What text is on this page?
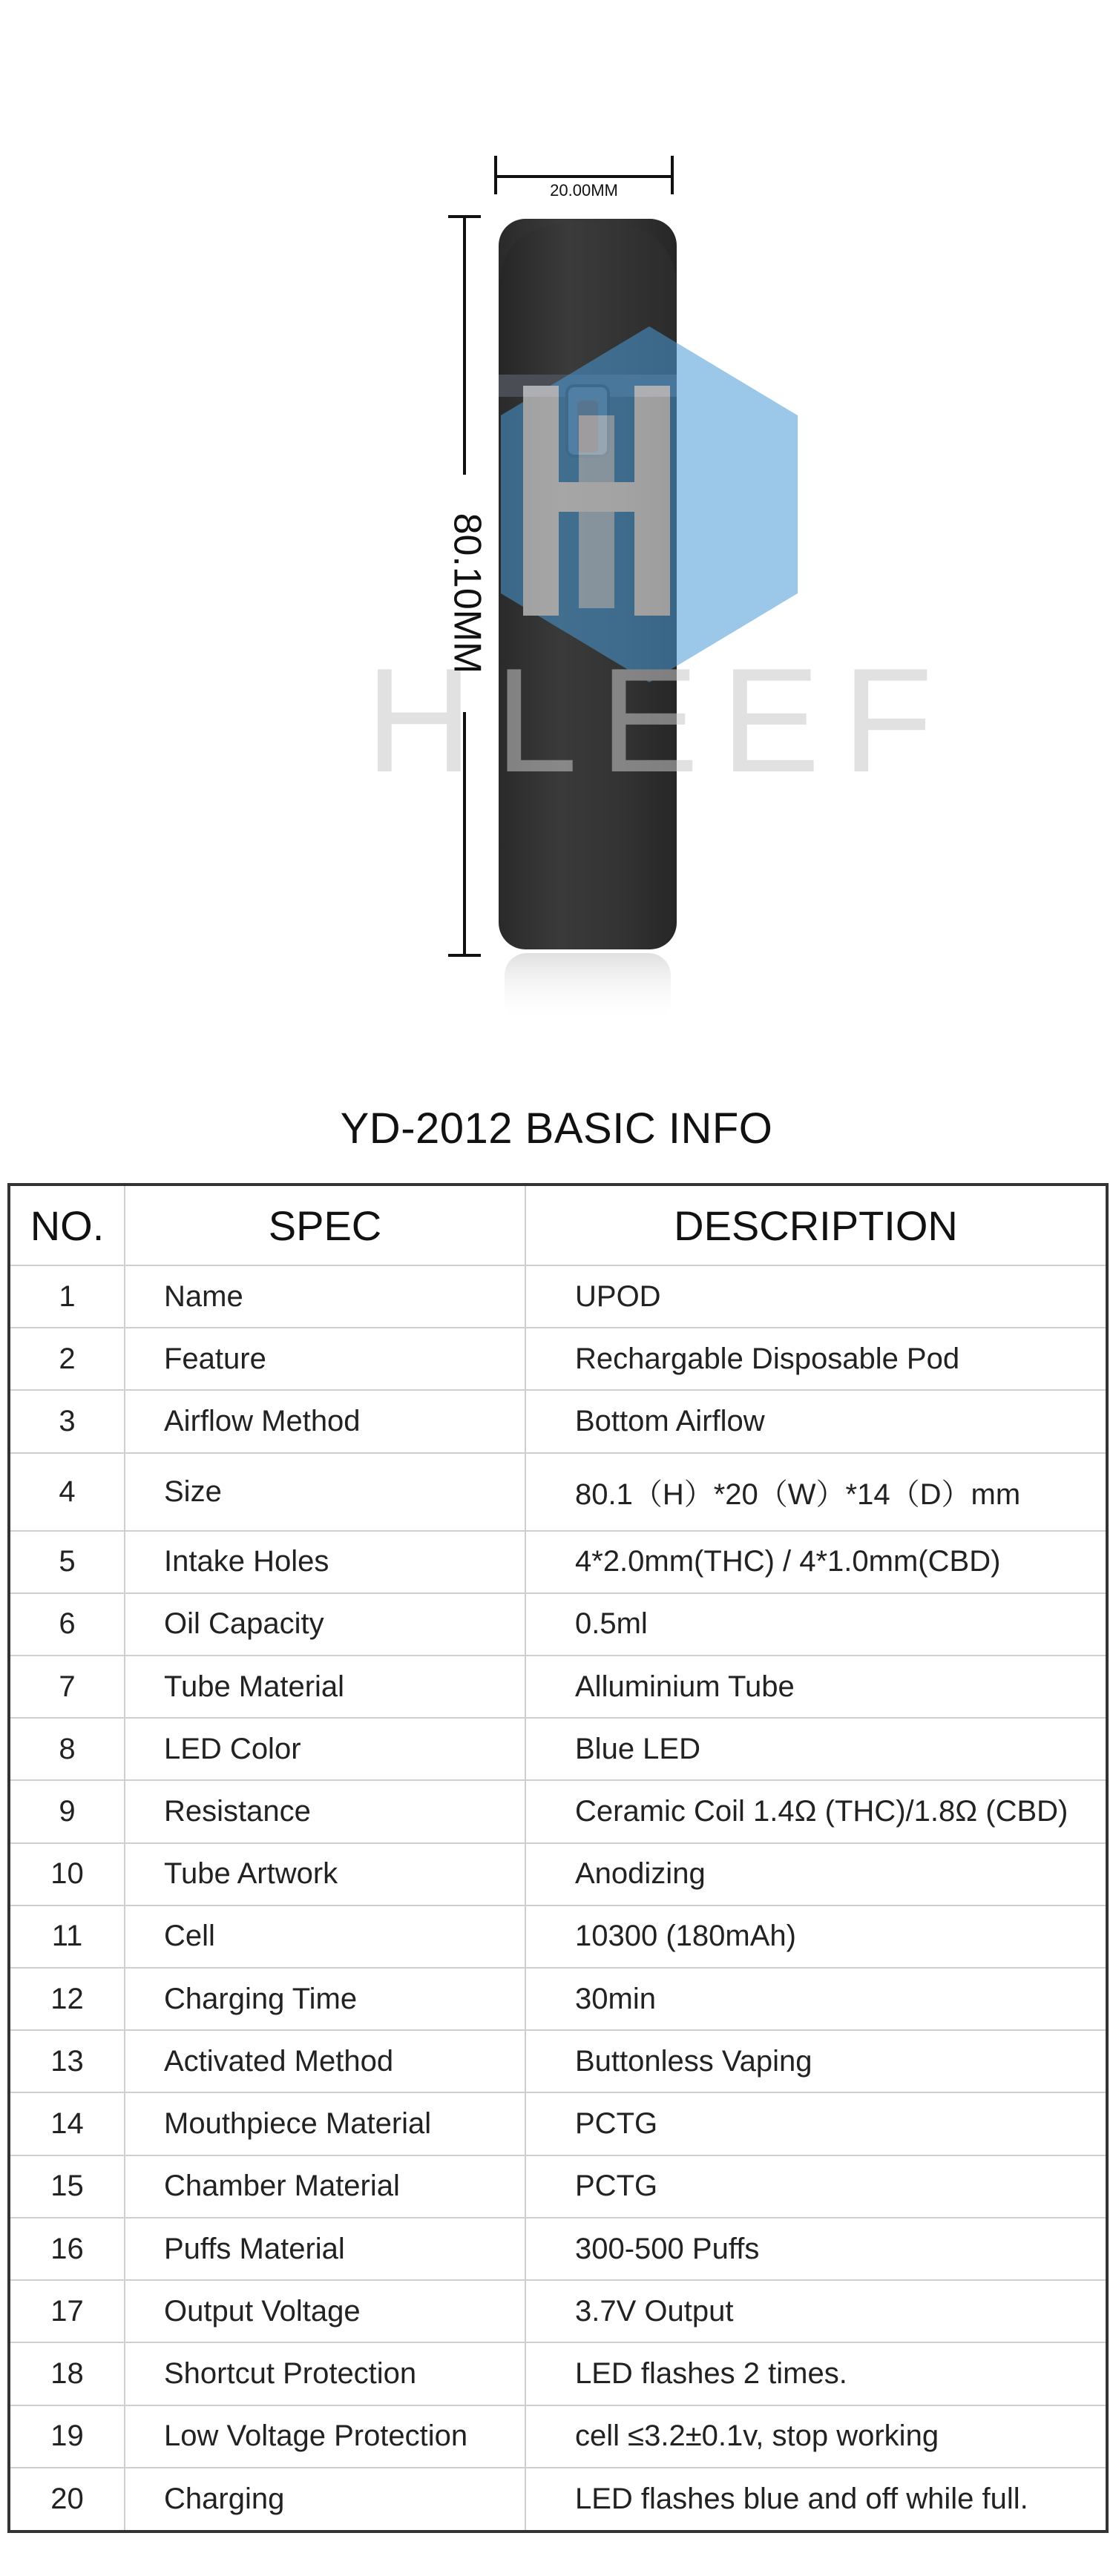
HLEEF
20.00MM
80.10MM
YD-2012 BASIC INFO
NO.	SPEC	DESCRIPTION
1	Name	UPOD
2	Feature	Rechargable Disposable Pod
3	Airflow Method	Bottom Airflow
4	Size	80.1（H）*20（W）*14（D）mm
5	Intake Holes	4*2.0mm(THC) / 4*1.0mm(CBD)
6	Oil Capacity	0.5ml
7	Tube Material	Alluminium Tube
8	LED Color	Blue LED
9	Resistance	Ceramic Coil 1.4Ω (THC)/1.8Ω (CBD)
10	Tube Artwork	Anodizing
11	Cell	10300 (180mAh)
12	Charging Time	30min
13	Activated Method	Buttonless Vaping
14	Mouthpiece Material	PCTG
15	Chamber Material	PCTG
16	Puffs Material	300-500 Puffs
17	Output Voltage	3.7V Output
18	Shortcut Protection	LED flashes 2 times.
19	Low Voltage Protection	cell ≤3.2±0.1v, stop working
20	Charging	LED flashes blue and off while full.
